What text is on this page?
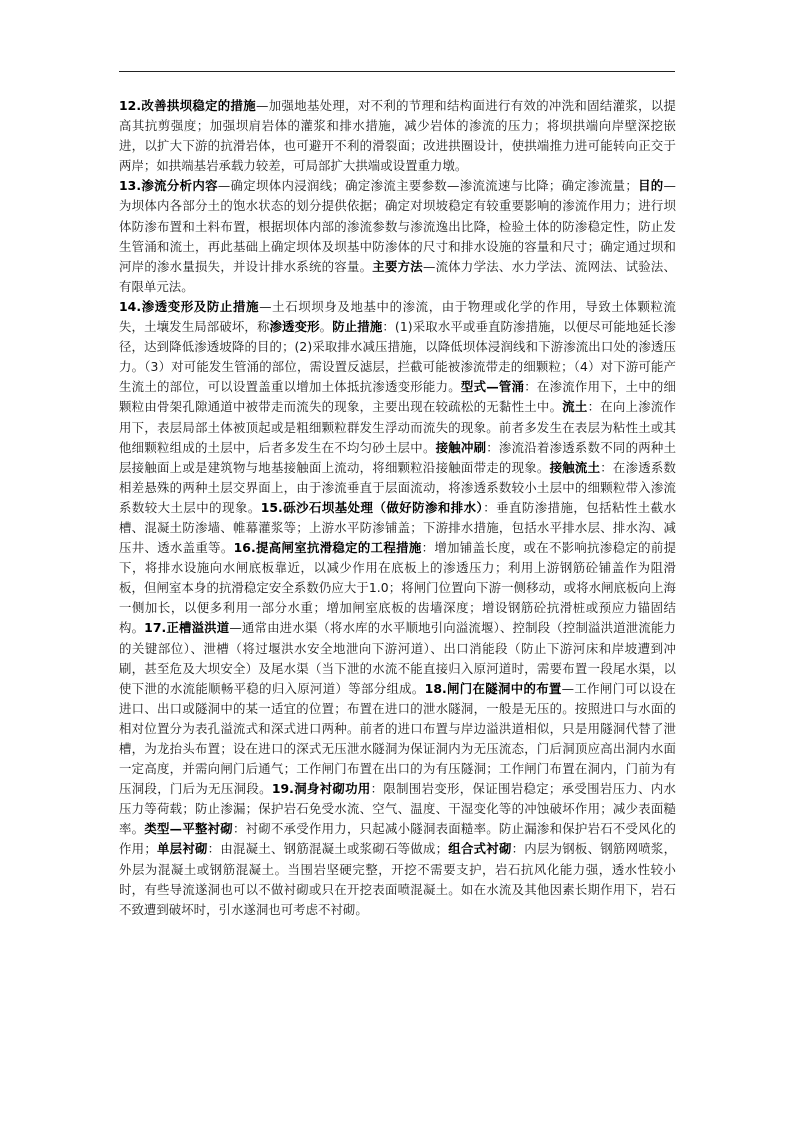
12.改善拱坝稳定的措施—加强地基处理，对不利的节理和结构面进行有效的冲洗和固结灌浆，以提高其抗剪强度；加强坝肩岩体的灌浆和排水措施，减少岩体的渗流的压力；将坝拱端向岸壁深挖嵌进，以扩大下游的抗滑岩体，也可避开不利的滑裂面；改进拱圈设计，使拱端推力进可能转向正交于两岸；如拱端基岩承载力较差，可局部扩大拱端或设置重力墩。

13.渗流分析内容—确定坝体内浸润线；确定渗流主要参数—渗流流速与比降；确定渗流量；目的—为坝体内各部分土的饱水状态的划分提供依据；确定对坝坡稳定有较重要影响的渗流作用力；进行坝体防渗布置和土料布置，根据坝体内部的渗流参数与渗流逸出比降，检验土体的防渗稳定性，防止发生管涌和流土，再此基础上确定坝体及坝基中防渗体的尺寸和排水设施的容量和尺寸；确定通过坝和河岸的渗水量损失，并设计排水系统的容量。主要方法—流体力学法、水力学法、流网法、试验法、有限单元法。

14.渗透变形及防止措施—土石坝坝身及地基中的渗流，由于物理或化学的作用，导致土体颗粒流失，土壤发生局部破坏，称渗透变形。防止措施：(1)采取水平或垂直防渗措施，以便尽可能地延长渗径，达到降低渗透坡降的目的；(2)采取排水减压措施，以降低坝体浸润线和下游渗流出口处的渗透压力。（3）对可能发生管涌的部位，需设置反滤层，拦截可能被渗流带走的细颗粒；（4）对下游可能产生流土的部位，可以设置盖重以增加土体抵抗渗透变形能力。型式—管涌：在渗流作用下，土中的细颗粒由骨架孔隙通道中被带走而流失的现象，主要出现在较疏松的无黏性土中。流土：在向上渗流作用下，表层局部土体被顶起或是粗细颗粒群发生浮动而流失的现象。前者多发生在表层为粘性土或其他细颗粒组成的土层中，后者多发生在不均匀砂土层中。接触冲刷：渗流沿着渗透系数不同的两种土层接触面上或是建筑物与地基接触面上流动，将细颗粒沿接触面带走的现象。接触流土：在渗透系数相差悬殊的两种土层交界面上，由于渗流垂直于层面流动，将渗透系数较小土层中的细颗粒带入渗流系数较大土层中的现象。15.砾沙石坝基处理（做好防渗和排水）：垂直防渗措施，包括粘性土截水槽、混凝土防渗墙、帷幕灌浆等；上游水平防渗铺盖；下游排水措施，包括水平排水层、排水沟、减压井、透水盖重等。16.提高闸室抗滑稳定的工程措施：增加铺盖长度，或在不影响抗渗稳定的前提下，将排水设施向水闸底板靠近，以减少作用在底板上的渗透压力；利用上游钢筋砼铺盖作为阻滑板，但闸室本身的抗滑稳定安全系数仍应大于1.0；将闸门位置向下游一侧移动，或将水闸底板向上海一侧加长，以便多利用一部分水重；增加闸室底板的齿墙深度；增设钢筋砼抗滑桩或预应力锚固结构。17.正槽溢洪道—通常由进水渠（将水库的水平顺地引向溢流堰）、控制段（控制溢洪道泄流能力的关键部位）、泄槽（将过堰洪水安全地泄向下游河道）、出口消能段（防止下游河床和岸坡遭到冲刷，甚至危及大坝安全）及尾水渠（当下泄的水流不能直接归入原河道时，需要布置一段尾水渠，以使下泄的水流能顺畅平稳的归入原河道）等部分组成。18.闸门在隧洞中的布置—工作闸门可以设在进口、出口或隧洞中的某一适宜的位置；布置在进口的泄水隧洞，一般是无压的。按照进口与水面的相对位置分为表孔溢流式和深式进口两种。前者的进口布置与岸边溢洪道相似，只是用隧洞代替了泄槽，为龙抬头布置；设在进口的深式无压泄水隧洞为保证洞内为无压流态，门后洞顶应高出洞内水面一定高度，并需向闸门后通气；工作闸门布置在出口的为有压隧洞；工作闸门布置在洞内，门前为有压洞段，门后为无压洞段。19.洞身衬砌功用：限制围岩变形，保证围岩稳定；承受围岩压力、内水压力等荷载；防止渗漏；保护岩石免受水流、空气、温度、干湿变化等的冲蚀破坏作用；减少表面糙率。类型—平整衬砌：衬砌不承受作用力，只起减小隧洞表面糙率。防止漏渗和保护岩石不受风化的作用；单层衬砌：由混凝土、钢筋混凝土或浆砌石等做成；组合式衬砌：内层为钢板、钢筋网喷浆，外层为混凝土或钢筋混凝土。当围岩坚硬完整，开挖不需要支护，岩石抗风化能力强，透水性较小时，有些导流遂洞也可以不做衬砌或只在开挖表面喷混凝土。如在水流及其他因素长期作用下，岩石不致遭到破坏时，引水遂洞也可考虑不衬砌。
